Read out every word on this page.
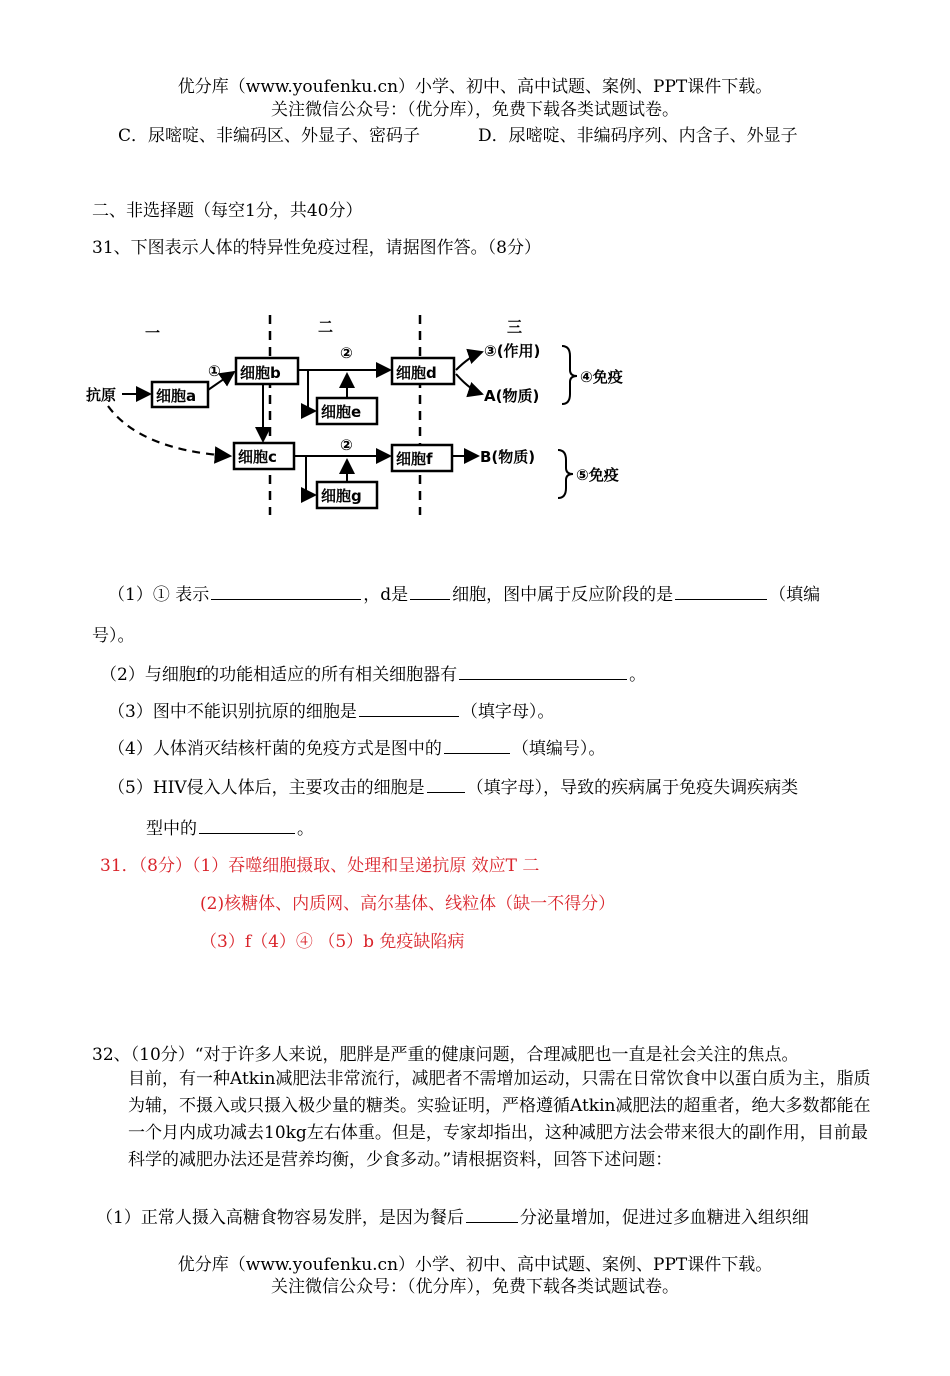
优分库（www.youfenku.cn）小学、初中、高中试题、案例、PPT课件下载。
关注微信公众号：（优分库），免费下载各类试题试卷。
C．尿嘧啶、非编码区、外显子、密码子	D．尿嘧啶、非编码序列、内含子、外显子
二、非选择题（每空1分，共40分）
31、下图表示人体的特异性免疫过程，请据图作答。（8分）
一	二	三
抗原	细胞a
细胞b
细胞c
细胞d
细胞e
细胞f
细胞g
①
②
②
③(作用)
A(物质)
④免疫
B(物质)
⑤免疫
（1）① 表示	，d是	细胞，图中属于反应阶段的是	（填编
号）。
（2）与细胞f的功能相适应的所有相关细胞器有	。
（3）图中不能识别抗原的细胞是	（填字母）。
（4）人体消灭结核杆菌的免疫方式是图中的	（填编号）。
（5）HIV侵入人体后，主要攻击的细胞是 （填字母），导致的疾病属于免疫失调疾病类
型中的	。
31．（8分）（1）吞噬细胞摄取、处理和呈递抗原 效应T 二
(2)核糖体、内质网、高尔基体、线粒体（缺一不得分）
（3）f（4）④ （5）b 免疫缺陷病
32、（10分）“对于许多人来说，肥胖是严重的健康问题，合理减肥也一直是社会关注的焦点。
目前，有一种Atkin减肥法非常流行，减肥者不需增加运动，只需在日常饮食中以蛋白质为主，脂质为辅，不摄入或只摄入极少量的糖类。实验证明，严格遵循Atkin减肥法的超重者，绝大多数都能在一个月内成功减去10kg左右体重。但是，专家却指出，这种减肥方法会带来很大的副作用，目前最科学的减肥办法还是营养均衡，少食多动。”请根据资料，回答下述问题：
（1）正常人摄入高糖食物容易发胖，是因为餐后	分泌量增加，促进过多血糖进入组织细
优分库（www.youfenku.cn）小学、初中、高中试题、案例、PPT课件下载。
关注微信公众号：（优分库），免费下载各类试题试卷。
